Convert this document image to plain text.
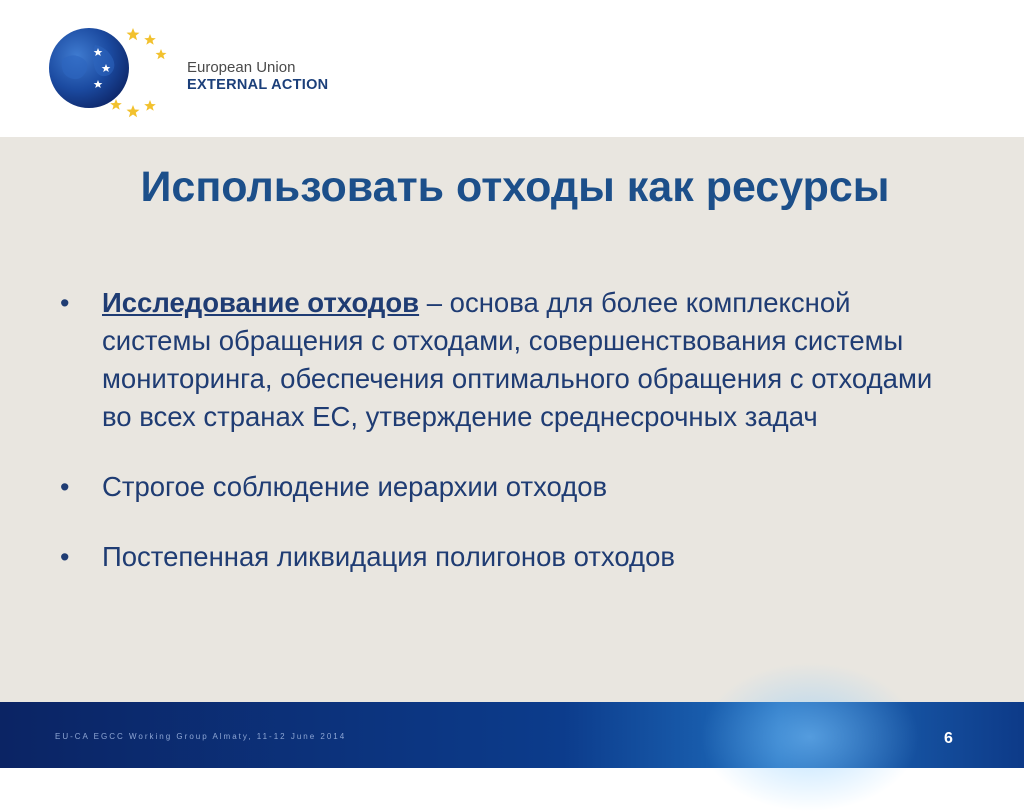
European Union
EXTERNAL ACTION
Использовать отходы как ресурсы
• Исследование отходов – основа для более комплексной системы обращения с отходами, совершенствования системы мониторинга, обеспечения оптимального обращения с отходами во всех странах ЕС, утверждение среднесрочных задач
• Строгое соблюдение иерархии отходов
• Постепенная ликвидация полигонов отходов
EU-CA EGCC Working Group Almaty, 11-12 June 2014	6
